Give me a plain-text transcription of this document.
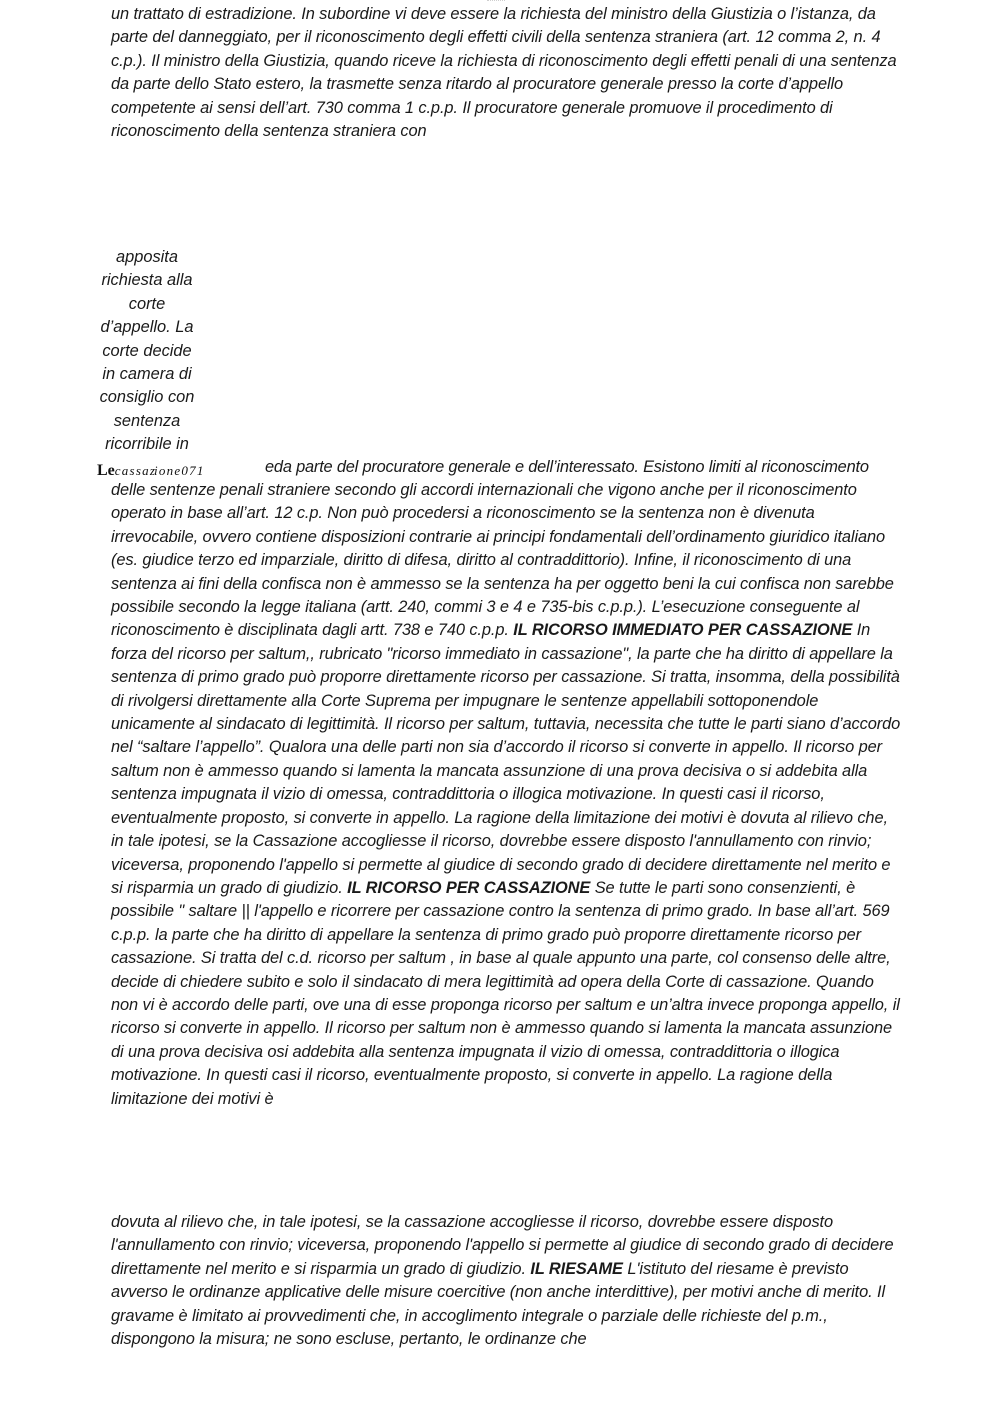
un trattato di estradizione. In subordine vi deve essere la richiesta del ministro della Giustizia o l’istanza, da parte del danneggiato, per il riconoscimento degli effetti civili della sentenza straniera (art. 12 comma 2, n. 4 c.p.). Il ministro della Giustizia, quando riceve la richiesta di riconoscimento degli effetti penali di una sentenza da parte dello Stato estero, la trasmette senza ritardo al procuratore generale presso la corte d’appello competente ai sensi dell’art. 730 comma 1 c.p.p. Il procuratore generale promuove il procedimento di riconoscimento della sentenza straniera con

apposita
richiesta alla
corte
d’appello. La
corte decide
in camera di
consiglio con
sentenza
ricorribile in
Lec a s s a zi o n e 0 7 1	eda parte del procuratore generale e dell’interessato. Esistono limiti al riconoscimento

delle sentenze penali straniere secondo gli accordi internazionali che vigono anche per il riconoscimento operato in base all’art. 12 c.p. Non può procedersi a riconoscimento se la sentenza non è divenuta irrevocabile, ovvero contiene disposizioni contrarie ai principi fondamentali dell’ordinamento giuridico italiano (es. giudice terzo ed imparziale, diritto di difesa, diritto al contraddittorio). Infine, il riconoscimento di una sentenza ai fini della confisca non è ammesso se la sentenza ha per oggetto beni la cui confisca non sarebbe possibile secondo la legge italiana (artt. 240, commi 3 e 4 e 735-bis c.p.p.). L’esecuzione conseguente al riconoscimento è disciplinata dagli artt. 738 e 740 c.p.p. IL RICORSO IMMEDIATO PER CASSAZIONE In forza del ricorso per saltum,, rubricato "ricorso immediato in cassazione", la parte che ha diritto di appellare la sentenza di primo grado può proporre direttamente ricorso per cassazione. Si tratta, insomma, della possibilità di rivolgersi direttamente alla Corte Suprema per impugnare le sentenze appellabili sottoponendole unicamente al sindacato di legittimità. Il ricorso per saltum, tuttavia, necessita che tutte le parti siano d’accordo nel “saltare l’appello”. Qualora una delle parti non sia d’accordo il ricorso si converte in appello. Il ricorso per saltum non è ammesso quando si lamenta la mancata assunzione di una prova decisiva o si addebita alla sentenza impugnata il vizio di omessa, contraddittoria o illogica motivazione. In questi casi il ricorso, eventualmente proposto, si converte in appello. La ragione della limitazione dei motivi è dovuta al rilievo che, in tale ipotesi, se la Cassazione accogliesse il ricorso, dovrebbe essere disposto l'annullamento con rinvio; viceversa, proponendo l'appello si permette al giudice di secondo grado di decidere direttamente nel merito e si risparmia un grado di giudizio. IL RICORSO PER CASSAZIONE Se tutte le parti sono consenzienti, è possibile " saltare || l'appello e ricorrere per cassazione contro la sentenza di primo grado. In base all’art. 569 c.p.p. la parte che ha diritto di appellare la sentenza di primo grado può proporre direttamente ricorso per cassazione. Si tratta del c.d. ricorso per saltum , in base al quale appunto una parte, col consenso delle altre, decide di chiedere subito e solo il sindacato di mera legittimità ad opera della Corte di cassazione. Quando non vi è accordo delle parti, ove una di esse proponga ricorso per saltum e un’altra invece proponga appello, il ricorso si converte in appello. Il ricorso per saltum non è ammesso quando si lamenta la mancata assunzione di una prova decisiva osi addebita alla sentenza impugnata il vizio di omessa, contraddittoria o illogica motivazione. In questi casi il ricorso, eventualmente proposto, si converte in appello. La ragione della limitazione dei motivi è

dovuta al rilievo che, in tale ipotesi, se la cassazione accogliesse il ricorso, dovrebbe essere disposto l'annullamento con rinvio; viceversa, proponendo l'appello si permette al giudice di secondo grado di decidere direttamente nel merito e si risparmia un grado di giudizio. IL RIESAME L'istituto del riesame è previsto avverso le ordinanze applicative delle misure coercitive (non anche interdittive), per motivi anche di merito. Il gravame è limitato ai provvedimenti che, in accoglimento integrale o parziale delle richieste del p.m., dispongono la misura; ne sono escluse, pertanto, le ordinanze che
